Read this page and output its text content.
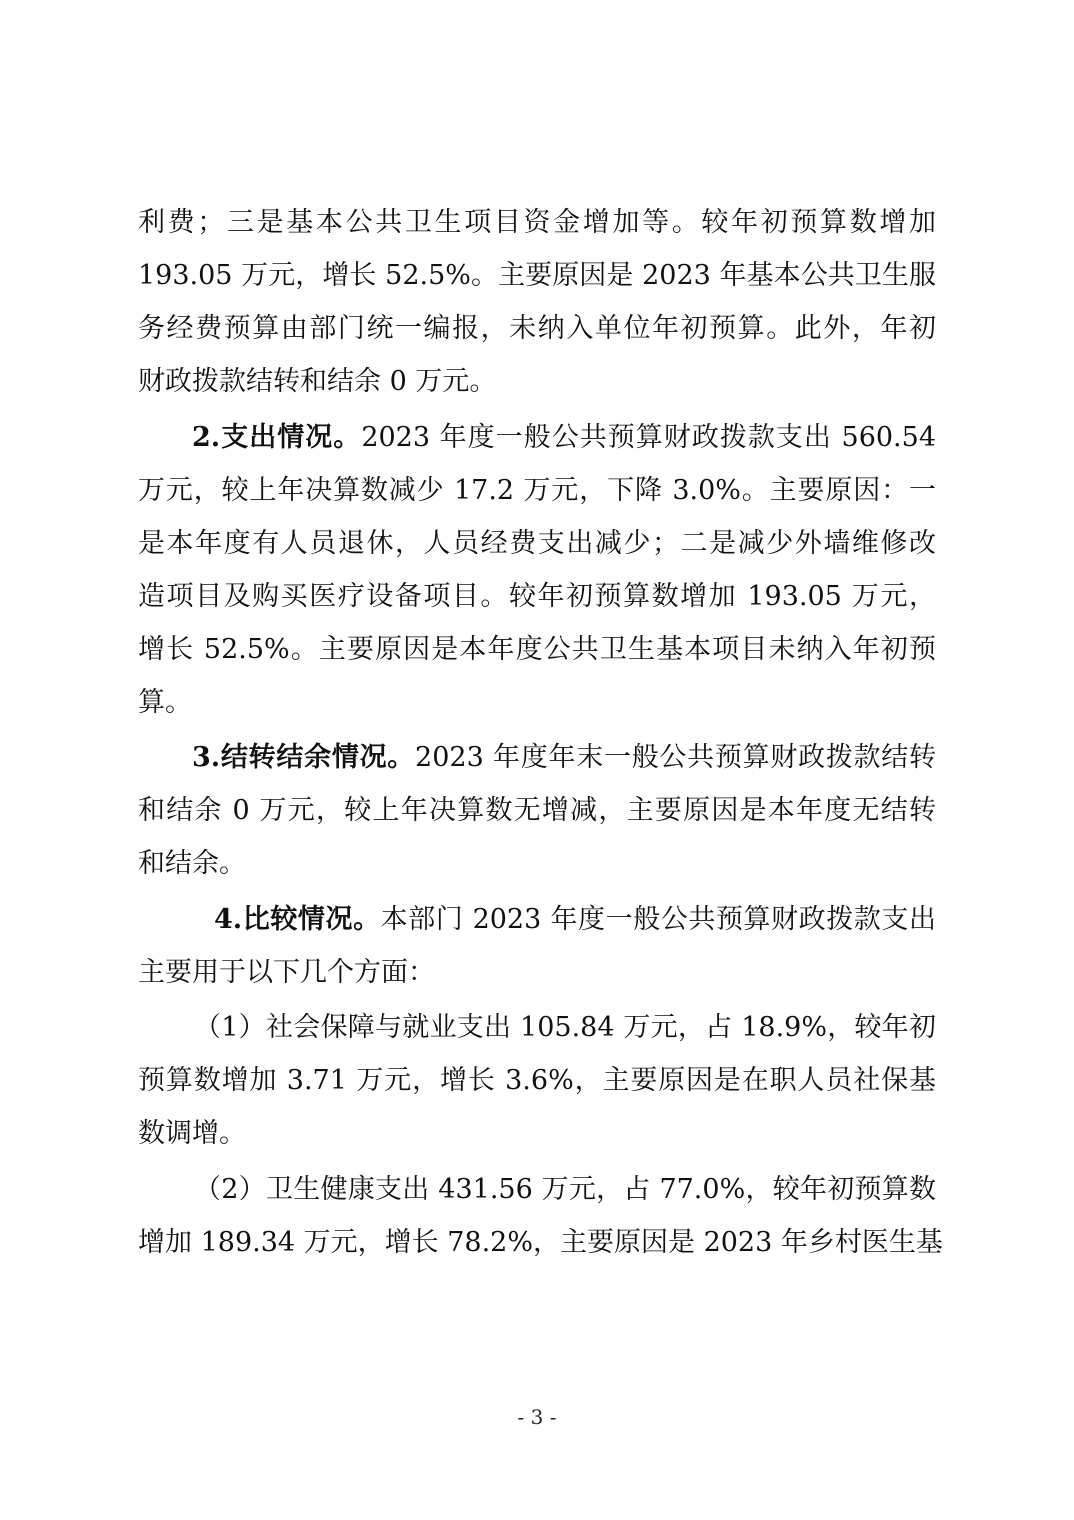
利费；三是基本公共卫生项目资金增加等。较年初预算数增加
193.05 万元，增长 52.5%。主要原因是 2023 年基本公共卫生服
务经费预算由部门统一编报，未纳入单位年初预算。此外，年初
财政拨款结转和结余 0 万元。
2.支出情况。2023 年度一般公共预算财政拨款支出 560.54
万元，较上年决算数减少 17.2 万元，下降 3.0%。主要原因：一
是本年度有人员退休，人员经费支出减少；二是减少外墙维修改
造项目及购买医疗设备项目。较年初预算数增加 193.05 万元，
增长 52.5%。主要原因是本年度公共卫生基本项目未纳入年初预
算。
3.结转结余情况。2023 年度年末一般公共预算财政拨款结转
和结余 0 万元，较上年决算数无增减，主要原因是本年度无结转
和结余。
4.比较情况。本部门 2023 年度一般公共预算财政拨款支出
主要用于以下几个方面：
（1）社会保障与就业支出 105.84 万元，占 18.9%，较年初
预算数增加 3.71 万元，增长 3.6%，主要原因是在职人员社保基
数调增。
（2）卫生健康支出 431.56 万元，占 77.0%，较年初预算数
增加 189.34 万元，增长 78.2%，主要原因是 2023 年乡村医生基
- 3 -
